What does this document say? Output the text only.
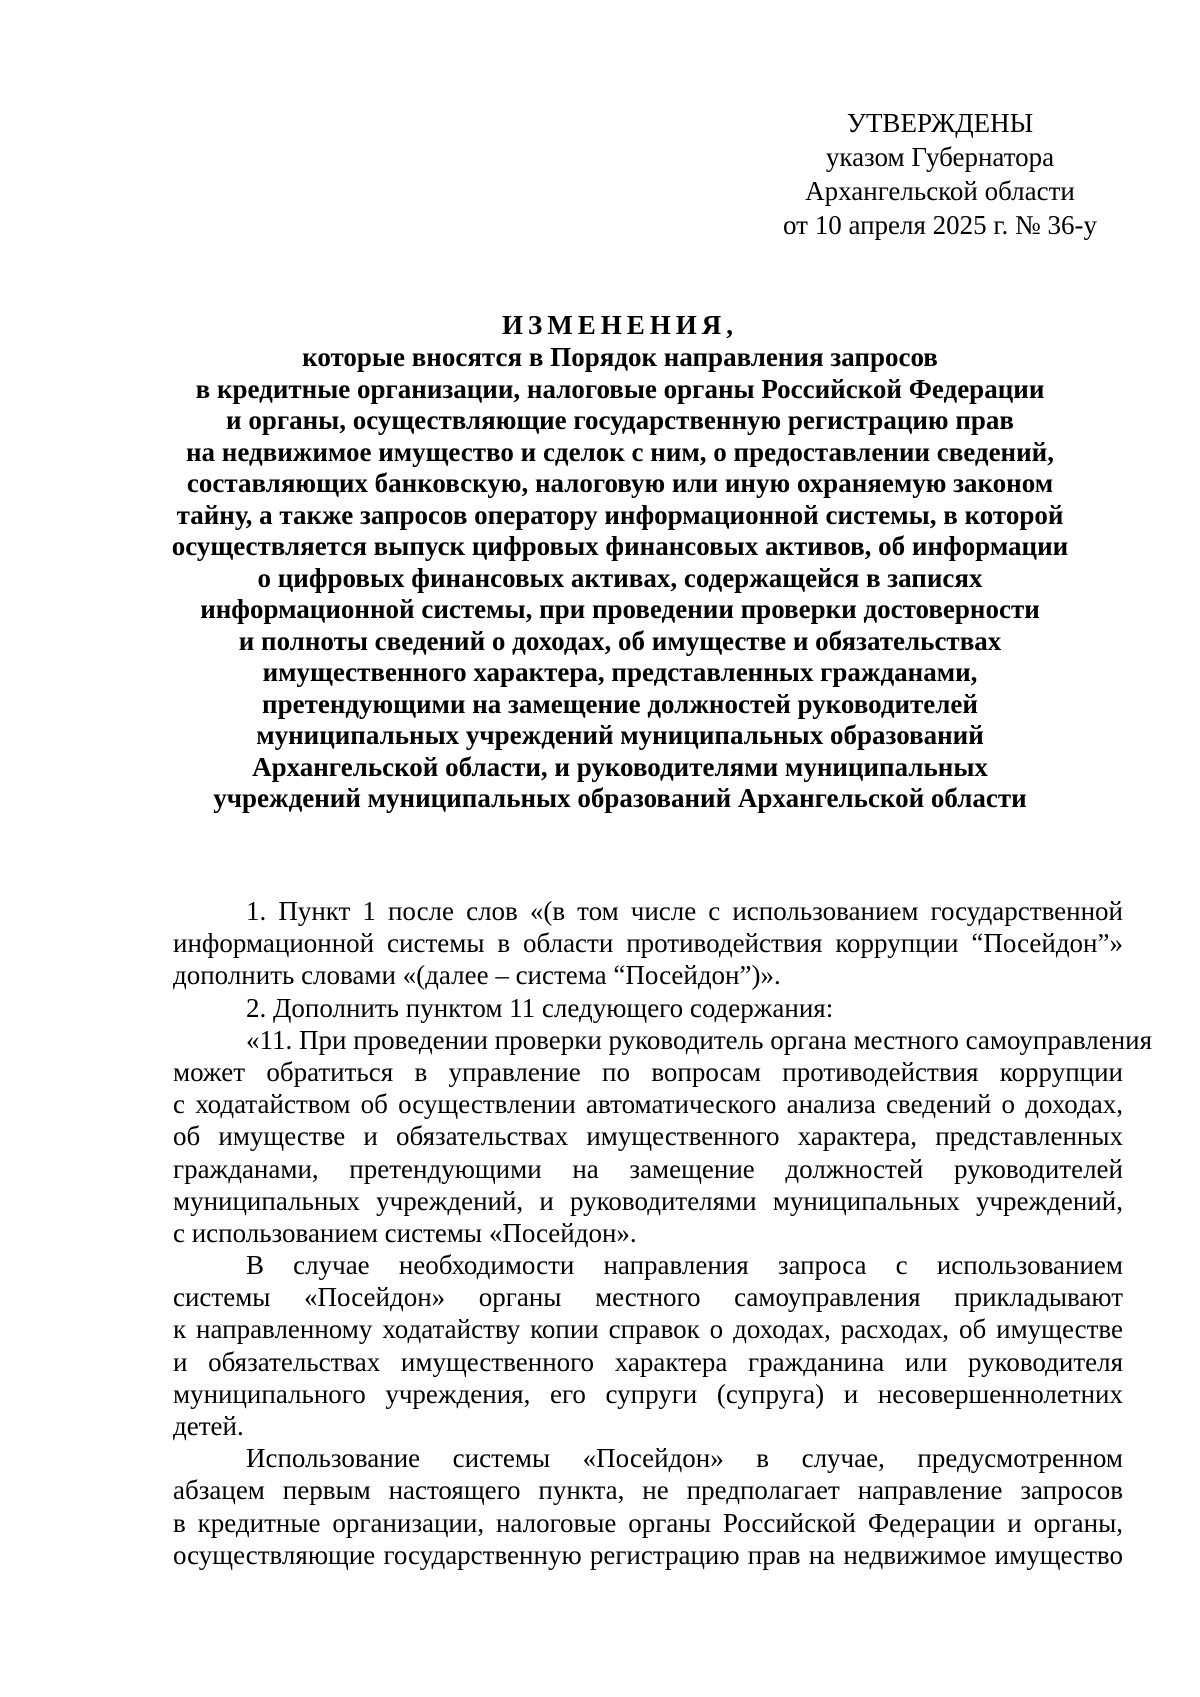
УТВЕРЖДЕНЫ
указом Губернатора
Архангельской области
от 10 апреля 2025 г. № 36-у
ИЗМЕНЕНИЯ,
которые вносятся в Порядок направления запросов
в кредитные организации, налоговые органы Российской Федерации
и органы, осуществляющие государственную регистрацию прав
на недвижимое имущество и сделок с ним, о предоставлении сведений,
составляющих банковскую, налоговую или иную охраняемую законом
тайну, а также запросов оператору информационной системы, в которой
осуществляется выпуск цифровых финансовых активов, об информации
о цифровых финансовых активах, содержащейся в записях
информационной системы, при проведении проверки достоверности
и полноты сведений о доходах, об имуществе и обязательствах
имущественного характера, представленных гражданами,
претендующими на замещение должностей руководителей
муниципальных учреждений муниципальных образований
Архангельской области, и руководителями муниципальных
учреждений муниципальных образований Архангельской области
1. Пункт 1 после слов «(в том числе с использованием государственной
информационной системы в области противодействия коррупции “Посейдон”»
дополнить словами «(далее – система “Посейдон”)».
2. Дополнить пунктом 11 следующего содержания:
«11. При проведении проверки руководитель органа местного самоуправления
может обратиться в управление по вопросам противодействия коррупции
с ходатайством об осуществлении автоматического анализа сведений о доходах,
об имуществе и обязательствах имущественного характера, представленных
гражданами, претендующими на замещение должностей руководителей
муниципальных учреждений, и руководителями муниципальных учреждений,
с использованием системы «Посейдон».
В случае необходимости направления запроса с использованием
системы «Посейдон» органы местного самоуправления прикладывают
к направленному ходатайству копии справок о доходах, расходах, об имуществе
и обязательствах имущественного характера гражданина или руководителя
муниципального учреждения, его супруги (супруга) и несовершеннолетних
детей.
Использование системы «Посейдон» в случае, предусмотренном
абзацем первым настоящего пункта, не предполагает направление запросов
в кредитные организации, налоговые органы Российской Федерации и органы,
осуществляющие государственную регистрацию прав на недвижимое имущество
